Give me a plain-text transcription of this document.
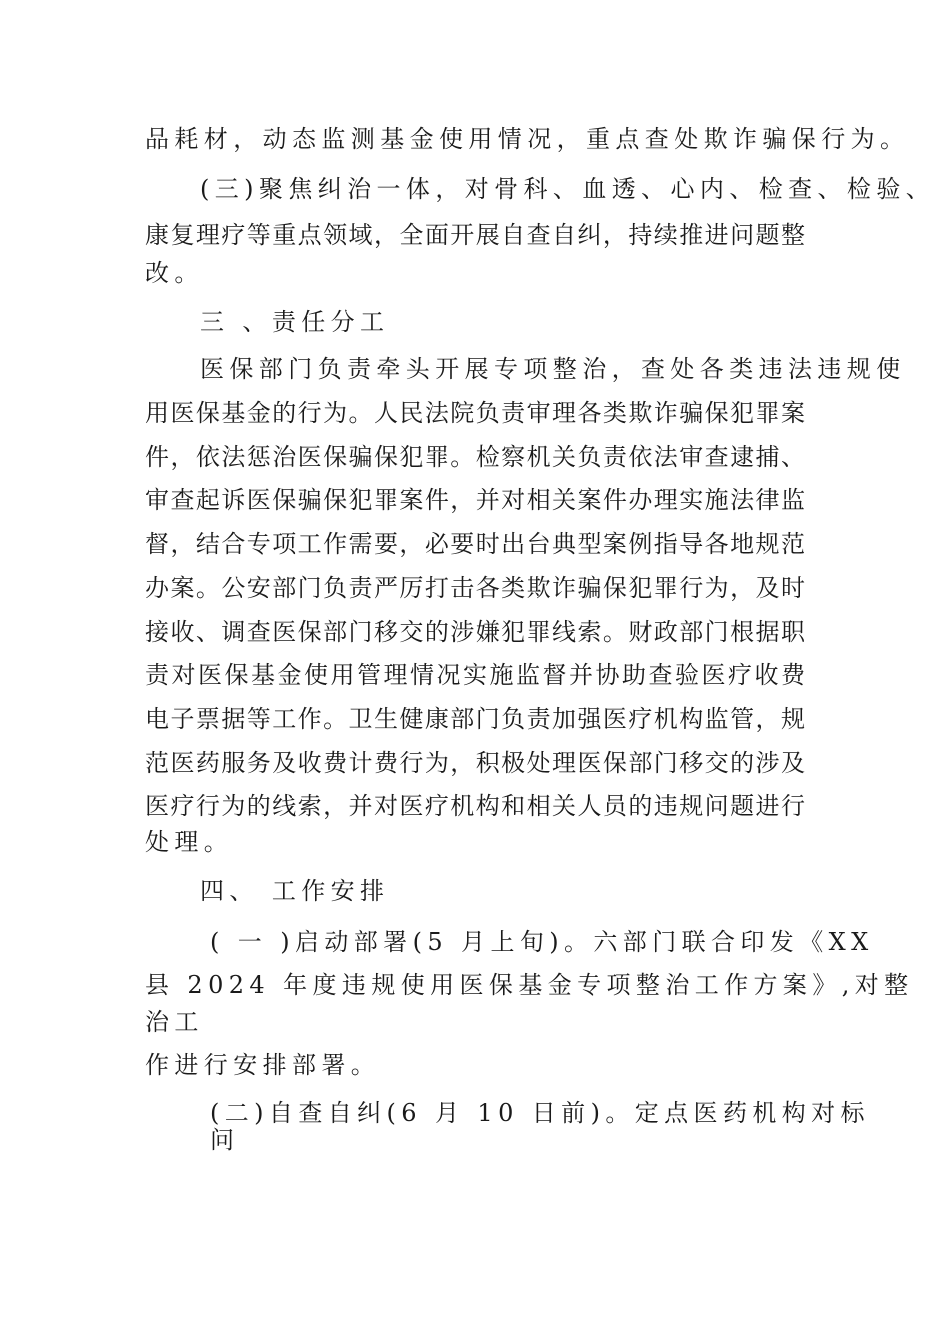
品耗材，动态监测基金使用情况，重点查处欺诈骗保行为。
(三)聚焦纠治一体，对骨科、血透、心内、检查、检验、
康复理疗等重点领域，全面开展自查自纠，持续推进问题整
改。
三 、责任分工
医保部门负责牵头开展专项整治，查处各类违法违规使
用医保基金的行为。人民法院负责审理各类欺诈骗保犯罪案
件，依法惩治医保骗保犯罪。检察机关负责依法审查逮捕、
审查起诉医保骗保犯罪案件，并对相关案件办理实施法律监
督，结合专项工作需要，必要时出台典型案例指导各地规范
办案。公安部门负责严厉打击各类欺诈骗保犯罪行为，及时
接收、调查医保部门移交的涉嫌犯罪线索。财政部门根据职
责对医保基金使用管理情况实施监督并协助查验医疗收费
电子票据等工作。卫生健康部门负责加强医疗机构监管，规
范医药服务及收费计费行为，积极处理医保部门移交的涉及
医疗行为的线索，并对医疗机构和相关人员的违规问题进行
处理。
四、 工作安排
( 一 )启动部署(5 月上旬)。六部门联合印发《XX
县 2024 年度违规使用医保基金专项整治工作方案》,对整
治工
作进行安排部署。
(二)自查自纠(6 月 10 日前)。定点医药机构对标
问
